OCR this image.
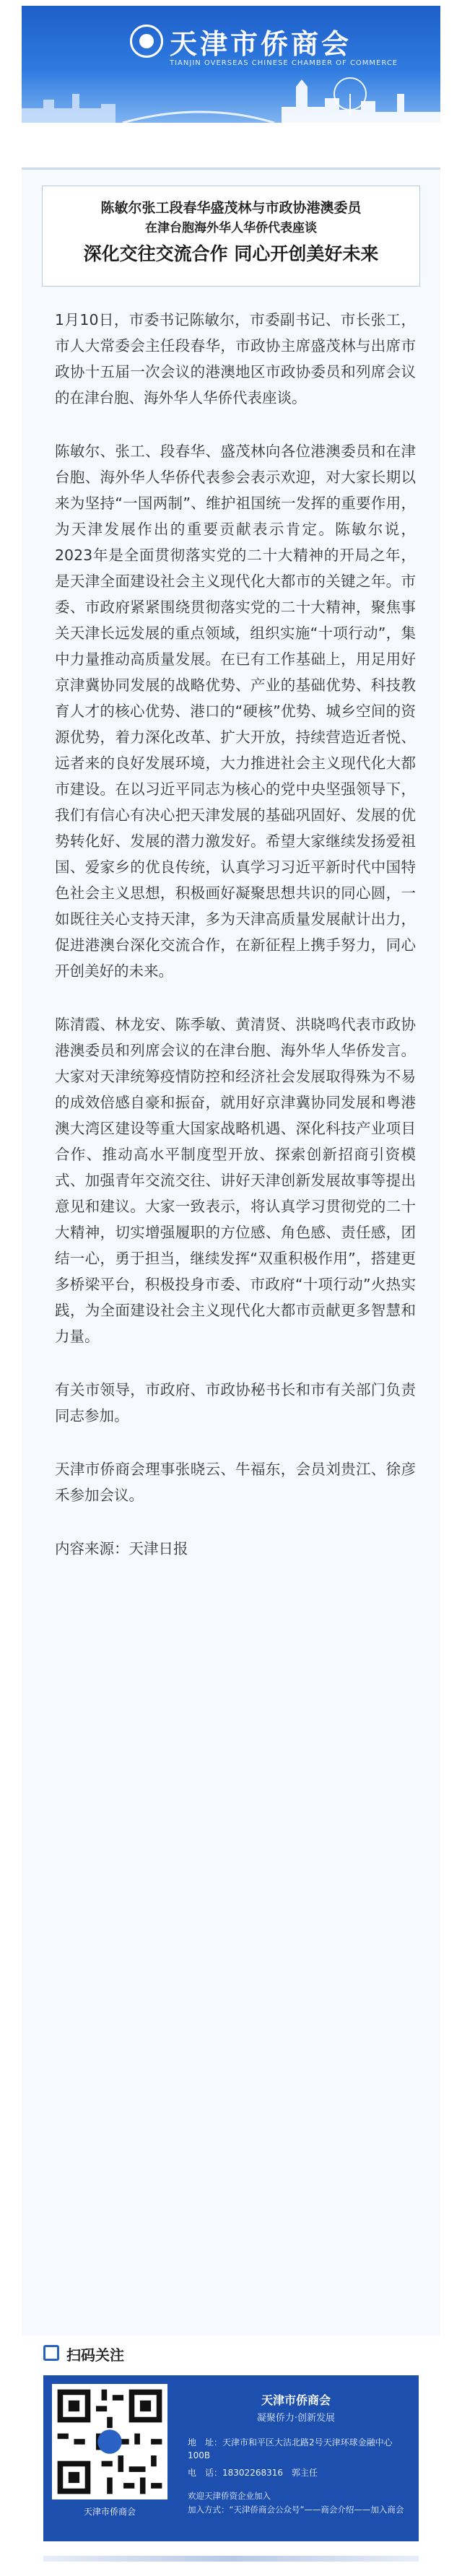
天津市侨商会
TIANJIN OVERSEAS CHINESE CHAMBER OF COMMERCE
陈敏尔张工段春华盛茂林与市政协港澳委员
在津台胞海外华人华侨代表座谈
深化交往交流合作 同心开创美好未来

1月10日，市委书记陈敏尔，市委副书记、市长张工，市人大常委会主任段春华，市政协主席盛茂林与出席市政协十五届一次会议的港澳地区市政协委员和列席会议的在津台胞、海外华人华侨代表座谈。

陈敏尔、张工、段春华、盛茂林向各位港澳委员和在津台胞、海外华人华侨代表参会表示欢迎，对大家长期以来为坚持“一国两制”、维护祖国统一发挥的重要作用，为天津发展作出的重要贡献表示肯定。陈敏尔说，2023年是全面贯彻落实党的二十大精神的开局之年，是天津全面建设社会主义现代化大都市的关键之年。市委、市政府紧紧围绕贯彻落实党的二十大精神，聚焦事关天津长远发展的重点领域，组织实施“十项行动”，集中力量推动高质量发展。在已有工作基础上，用足用好京津冀协同发展的战略优势、产业的基础优势、科技教育人才的核心优势、港口的“硬核”优势、城乡空间的资源优势，着力深化改革、扩大开放，持续营造近者悦、远者来的良好发展环境，大力推进社会主义现代化大都市建设。在以习近平同志为核心的党中央坚强领导下，我们有信心有决心把天津发展的基础巩固好、发展的优势转化好、发展的潜力激发好。希望大家继续发扬爱祖国、爱家乡的优良传统，认真学习习近平新时代中国特色社会主义思想，积极画好凝聚思想共识的同心圆，一如既往关心支持天津，多为天津高质量发展献计出力，促进港澳台深化交流合作，在新征程上携手努力，同心开创美好的未来。

陈清霞、林龙安、陈季敏、黄清贤、洪晓鸣代表市政协港澳委员和列席会议的在津台胞、海外华人华侨发言。大家对天津统筹疫情防控和经济社会发展取得殊为不易的成效倍感自豪和振奋，就用好京津冀协同发展和粤港澳大湾区建设等重大国家战略机遇、深化科技产业项目合作、推动高水平制度型开放、探索创新招商引资模式、加强青年交流交往、讲好天津创新发展故事等提出意见和建议。大家一致表示，将认真学习贯彻党的二十大精神，切实增强履职的方位感、角色感、责任感，团结一心，勇于担当，继续发挥“双重积极作用”，搭建更多桥梁平台，积极投身市委、市政府“十项行动”火热实践，为全面建设社会主义现代化大都市贡献更多智慧和力量。

有关市领导，市政府、市政协秘书长和市有关部门负责同志参加。

天津市侨商会理事张晓云、牛福东，会员刘贵江、徐彦禾参加会议。

内容来源：天津日报

扫码关注
天津市侨商会
天津市侨商会
凝聚侨力·创新发展
地　址：天津市和平区大沽北路2号天津环球金融中心100B
电　话：18302268316　郭主任
欢迎天津侨资企业加入
加入方式：“天津侨商会公众号”——商会介绍——加入商会
